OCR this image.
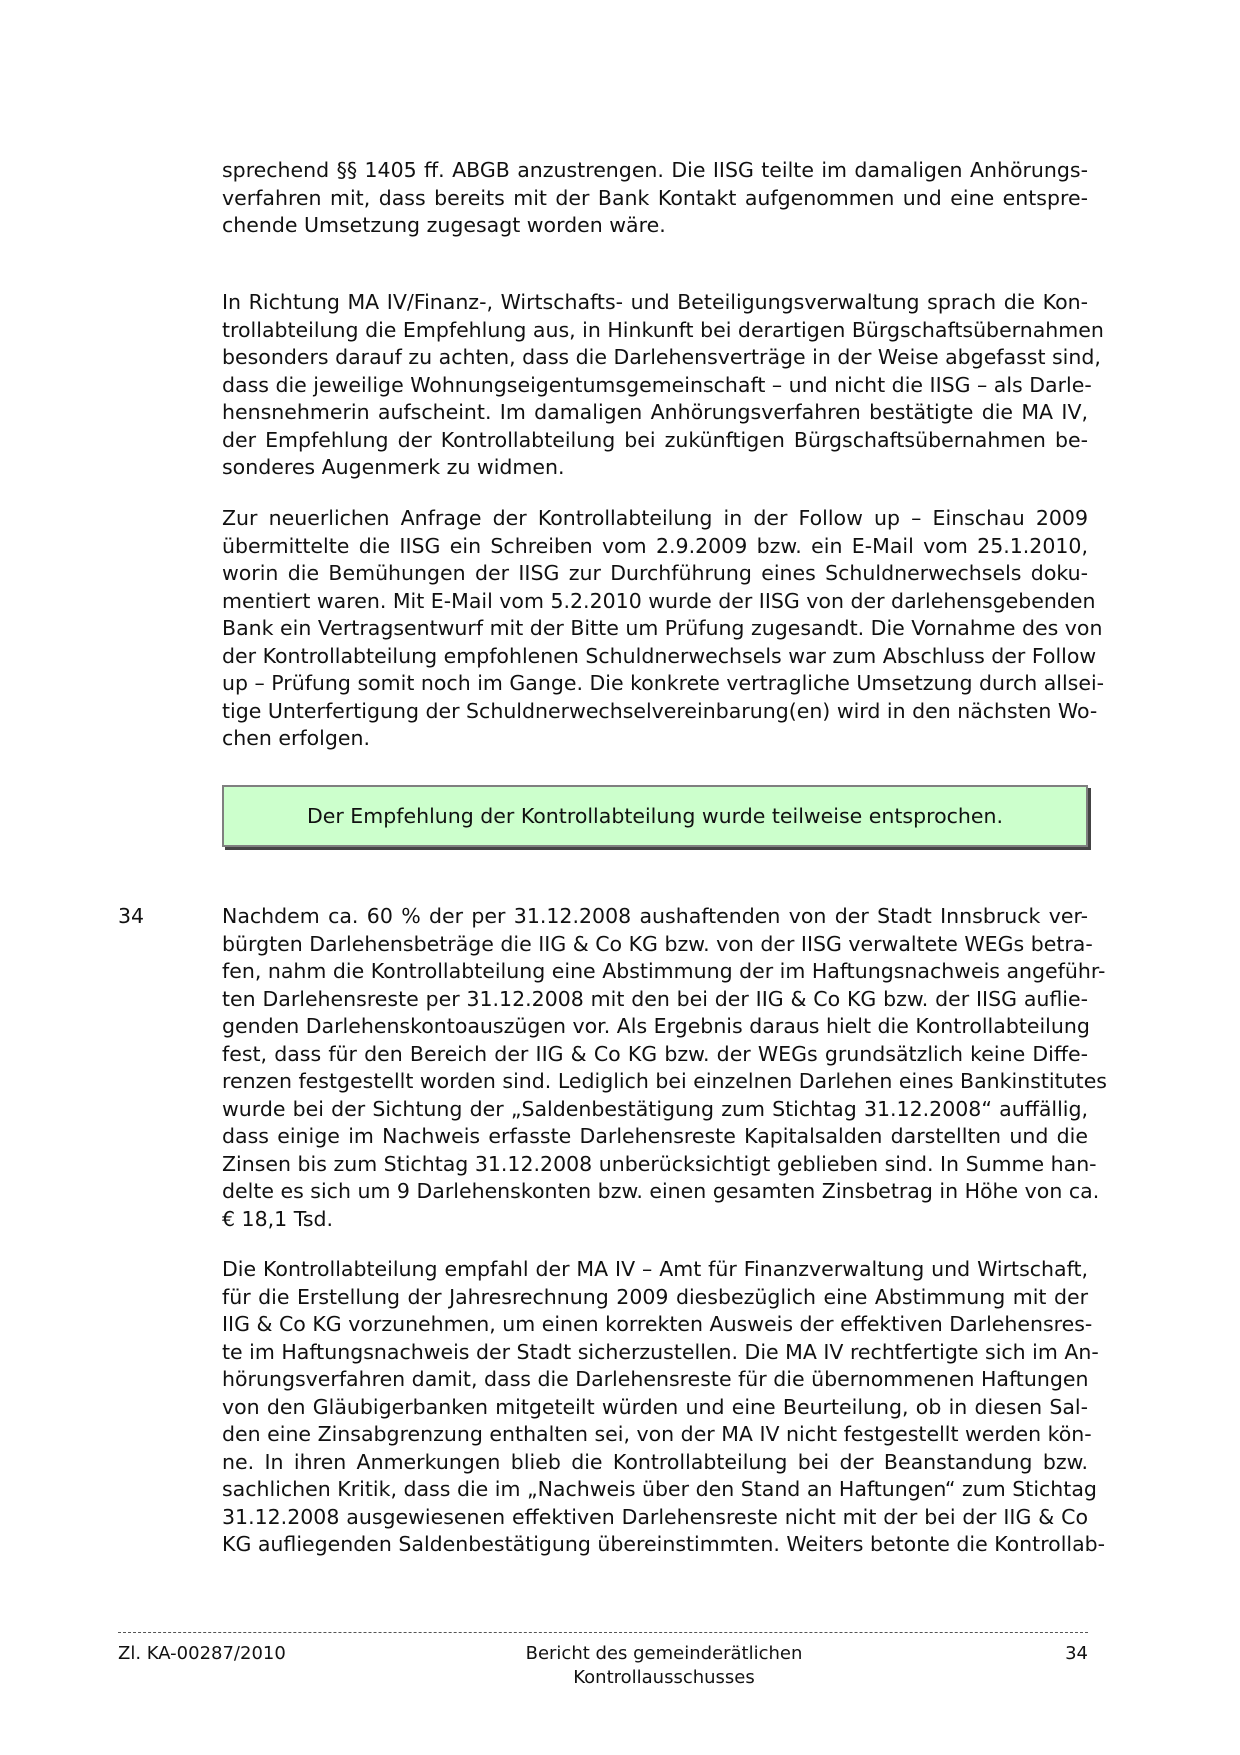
sprechend §§ 1405 ff. ABGB anzustrengen. Die IISG teilte im damaligen Anhörungs-
verfahren mit, dass bereits mit der Bank Kontakt aufgenommen und eine entspre-
chende Umsetzung zugesagt worden wäre.
In Richtung MA IV/Finanz-, Wirtschafts- und Beteiligungsverwaltung sprach die Kon-
trollabteilung die Empfehlung aus, in Hinkunft bei derartigen Bürgschaftsübernahmen
besonders darauf zu achten, dass die Darlehensverträge in der Weise abgefasst sind,
dass die jeweilige Wohnungseigentumsgemeinschaft – und nicht die IISG – als Darle-
hensnehmerin aufscheint. Im damaligen Anhörungsverfahren bestätigte die MA IV,
der Empfehlung der Kontrollabteilung bei zukünftigen Bürgschaftsübernahmen be-
sonderes Augenmerk zu widmen.
Zur neuerlichen Anfrage der Kontrollabteilung in der Follow up – Einschau 2009
übermittelte die IISG ein Schreiben vom 2.9.2009 bzw. ein E-Mail vom 25.1.2010,
worin die Bemühungen der IISG zur Durchführung eines Schuldnerwechsels doku-
mentiert waren. Mit E-Mail vom 5.2.2010 wurde der IISG von der darlehensgebenden
Bank ein Vertragsentwurf mit der Bitte um Prüfung zugesandt. Die Vornahme des von
der Kontrollabteilung empfohlenen Schuldnerwechsels war zum Abschluss der Follow
up – Prüfung somit noch im Gange. Die konkrete vertragliche Umsetzung durch allsei-
tige Unterfertigung der Schuldnerwechselvereinbarung(en) wird in den nächsten Wo-
chen erfolgen.
Der Empfehlung der Kontrollabteilung wurde teilweise entsprochen.

34	Nachdem ca. 60 % der per 31.12.2008 aushaftenden von der Stadt Innsbruck ver-
bürgten Darlehensbeträge die IIG & Co KG bzw. von der IISG verwaltete WEGs betra-
fen, nahm die Kontrollabteilung eine Abstimmung der im Haftungsnachweis angeführ-
ten Darlehensreste per 31.12.2008 mit den bei der IIG & Co KG bzw. der IISG auflie-
genden Darlehenskontoauszügen vor. Als Ergebnis daraus hielt die Kontrollabteilung
fest, dass für den Bereich der IIG & Co KG bzw. der WEGs grundsätzlich keine Diffe-
renzen festgestellt worden sind. Lediglich bei einzelnen Darlehen eines Bankinstitutes
wurde bei der Sichtung der „Saldenbestätigung zum Stichtag 31.12.2008“ auffällig,
dass einige im Nachweis erfasste Darlehensreste Kapitalsalden darstellten und die
Zinsen bis zum Stichtag 31.12.2008 unberücksichtigt geblieben sind. In Summe han-
delte es sich um 9 Darlehenskonten bzw. einen gesamten Zinsbetrag in Höhe von ca.
€ 18,1 Tsd.
Die Kontrollabteilung empfahl der MA IV – Amt für Finanzverwaltung und Wirtschaft,
für die Erstellung der Jahresrechnung 2009 diesbezüglich eine Abstimmung mit der
IIG & Co KG vorzunehmen, um einen korrekten Ausweis der effektiven Darlehensres-
te im Haftungsnachweis der Stadt sicherzustellen. Die MA IV rechtfertigte sich im An-
hörungsverfahren damit, dass die Darlehensreste für die übernommenen Haftungen
von den Gläubigerbanken mitgeteilt würden und eine Beurteilung, ob in diesen Sal-
den eine Zinsabgrenzung enthalten sei, von der MA IV nicht festgestellt werden kön-
ne. In ihren Anmerkungen blieb die Kontrollabteilung bei der Beanstandung bzw.
sachlichen Kritik, dass die im „Nachweis über den Stand an Haftungen“ zum Stichtag
31.12.2008 ausgewiesenen effektiven Darlehensreste nicht mit der bei der IIG & Co
KG aufliegenden Saldenbestätigung übereinstimmten. Weiters betonte die Kontrollab-

Zl. KA-00287/2010	Bericht des gemeinderätlichen Kontrollausschusses

34
